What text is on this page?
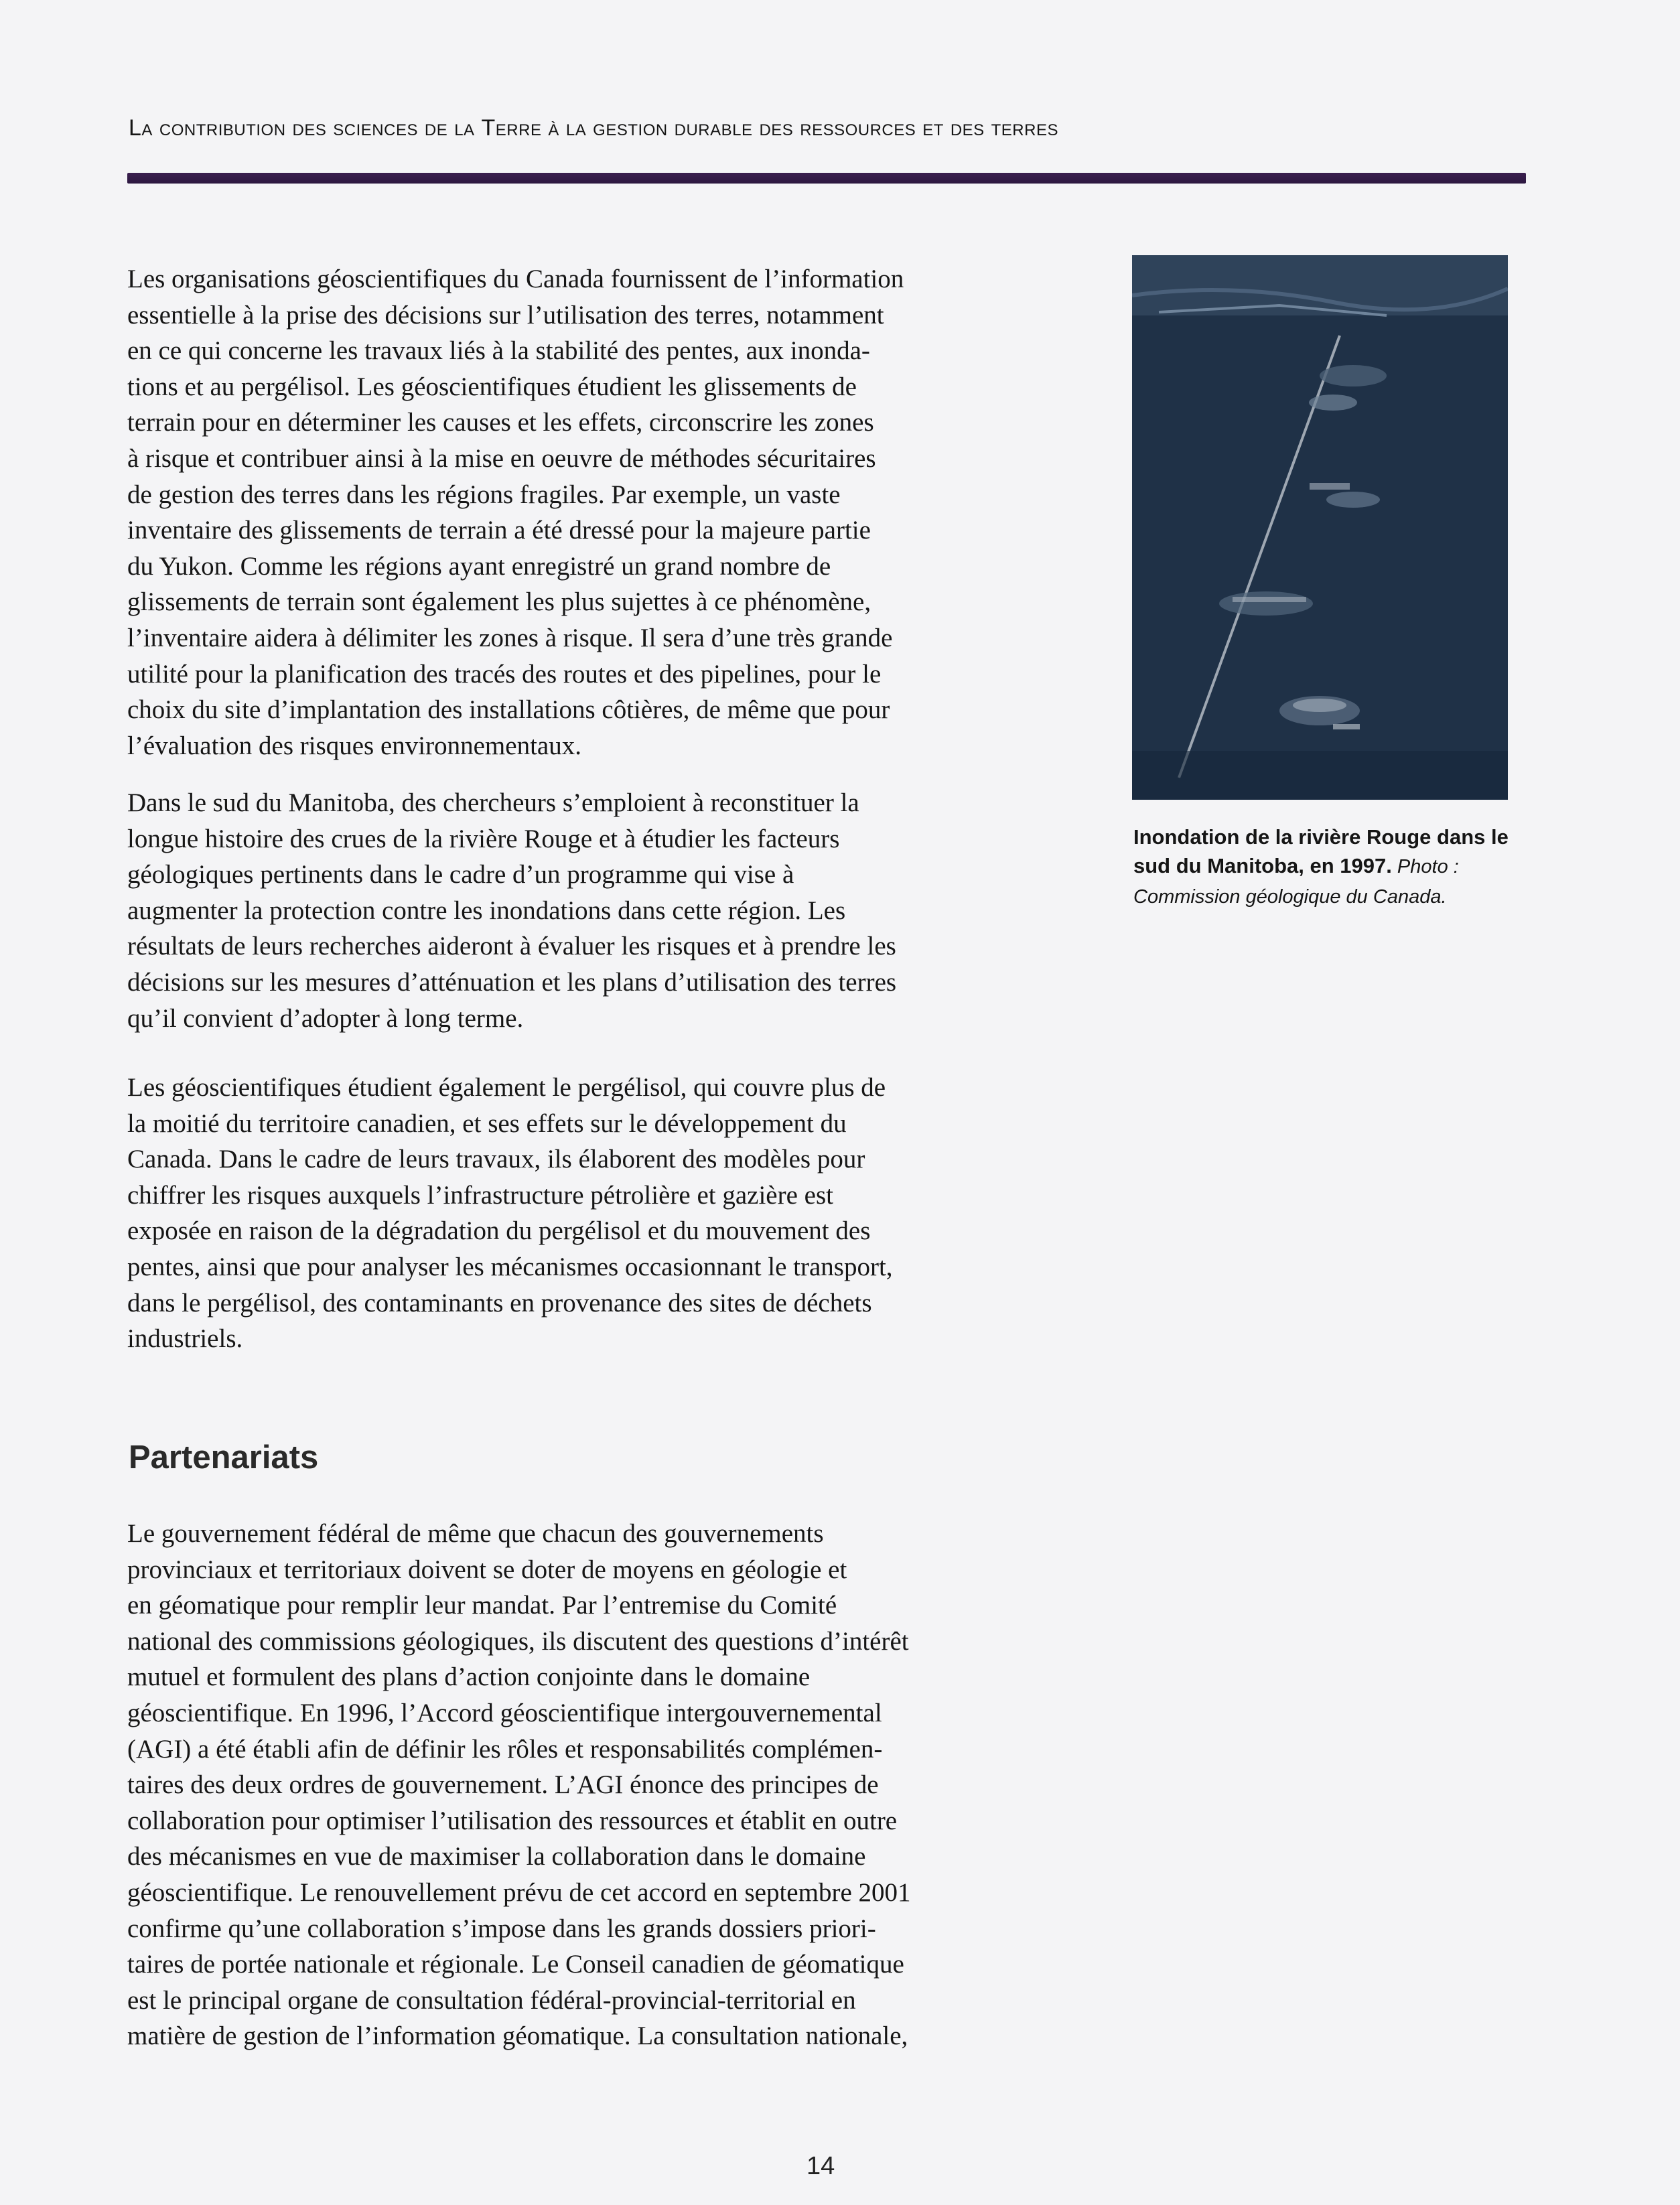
La contribution des sciences de la Terre à la gestion durable des ressources et des terres

Les organisations géoscientifiques du Canada fournissent de l’information
essentielle à la prise des décisions sur l’utilisation des terres, notamment
en ce qui concerne les travaux liés à la stabilité des pentes, aux inonda-
tions et au pergélisol. Les géoscientifiques étudient les glissements de
terrain pour en déterminer les causes et les effets, circonscrire les zones
à risque et contribuer ainsi à la mise en oeuvre de méthodes sécuritaires
de gestion des terres dans les régions fragiles. Par exemple, un vaste
inventaire des glissements de terrain a été dressé pour la majeure partie
du Yukon. Comme les régions ayant enregistré un grand nombre de
glissements de terrain sont également les plus sujettes à ce phénomène,
l’inventaire aidera à délimiter les zones à risque. Il sera d’une très grande
utilité pour la planification des tracés des routes et des pipelines, pour le
choix du site d’implantation des installations côtières, de même que pour
l’évaluation des risques environnementaux.

Dans le sud du Manitoba, des chercheurs s’emploient à reconstituer la
longue histoire des crues de la rivière Rouge et à étudier les facteurs
géologiques pertinents dans le cadre d’un programme qui vise à
augmenter la protection contre les inondations dans cette région. Les
résultats de leurs recherches aideront à évaluer les risques et à prendre les
décisions sur les mesures d’atténuation et les plans d’utilisation des terres
qu’il convient d’adopter à long terme.

Les géoscientifiques étudient également le pergélisol, qui couvre plus de
la moitié du territoire canadien, et ses effets sur le développement du
Canada. Dans le cadre de leurs travaux, ils élaborent des modèles pour
chiffrer les risques auxquels l’infrastructure pétrolière et gazière est
exposée en raison de la dégradation du pergélisol et du mouvement des
pentes, ainsi que pour analyser les mécanismes occasionnant le transport,
dans le pergélisol, des contaminants en provenance des sites de déchets
industriels.

Partenariats

Le gouvernement fédéral de même que chacun des gouvernements
provinciaux et territoriaux doivent se doter de moyens en géologie et
en géomatique pour remplir leur mandat. Par l’entremise du Comité
national des commissions géologiques, ils discutent des questions d’intérêt
mutuel et formulent des plans d’action conjointe dans le domaine
géoscientifique. En 1996, l’Accord géoscientifique intergouvernemental
(AGI) a été établi afin de définir les rôles et responsabilités complémen-
taires des deux ordres de gouvernement. L’AGI énonce des principes de
collaboration pour optimiser l’utilisation des ressources et établit en outre
des mécanismes en vue de maximiser la collaboration dans le domaine
géoscientifique. Le renouvellement prévu de cet accord en septembre 2001
confirme qu’une collaboration s’impose dans les grands dossiers priori-
taires de portée nationale et régionale. Le Conseil canadien de géomatique
est le principal organe de consultation fédéral-provincial-territorial en
matière de gestion de l’information géomatique. La consultation nationale,

Inondation de la rivière Rouge dans le sud du Manitoba, en 1997. Photo : Commission géologique du Canada.
14
